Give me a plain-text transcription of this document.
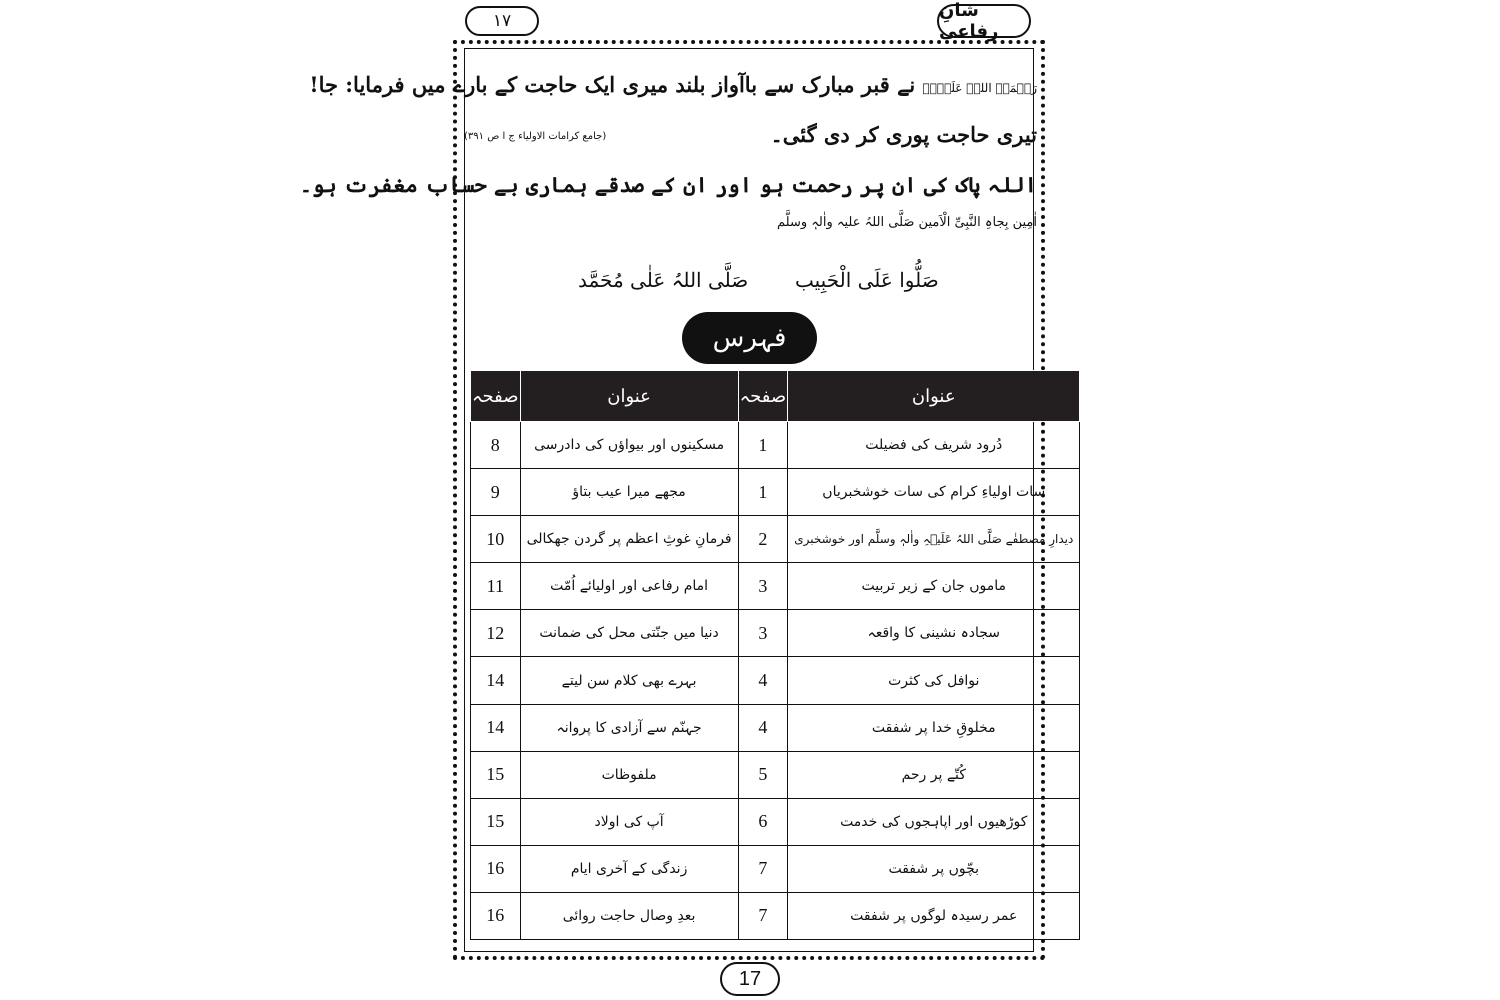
١٧	شانِ رفاعی
رَحۡمَۃُ اللہِ عَلَیۡہِ نے قبر مبارک سے باآواز بلند میری ایک حاجت کے بارے میں فرمایا: جا!
تیری حاجت پوری کر دی گئی۔
(جامع کرامات الاولیاء ج ا ص ۳۹۱)
اللہ پاک کی ان پر رحمت ہو اور ان کے صدقے ہماری بے حساب مغفرت ہو۔
اٰمِین بِجاہِ النَّبِیِّ الْاَمین صَلَّی اللہُ علیہ واٰلہٖ وسلَّم
صَلُّوا عَلَی الْحَبِیب
صَلَّی اللہُ عَلٰی مُحَمَّد
فہرس
عنوان	صفحہ	عنوان	صفحہ
دُرود شریف کی فضیلت	1	مسکینوں اور بیواؤں کی دادرسی	8
سات اولیاءِ کرام کی سات خوشخبریاں	1	مجھے میرا عیب بتاؤ	9
دیدارِ مصطفٰے صَلَّی اللہُ عَلَیۡہِ واٰلہٖ وسلَّم اور خوشخبری	2	فرمانِ غوثِ اعظم پر گردن جھکالی	10
ماموں جان کے زیر تربیت	3	امام رفاعی اور اولیائے اُمّت	11
سجادہ نشینی کا واقعہ	3	دنیا میں جنّتی محل کی ضمانت	12
نوافل کی کثرت	4	بہرے بھی کلام سن لیتے	14
مخلوقِ خدا پر شفقت	4	جہنّم سے آزادی کا پروانہ	14
کُتّے پر رحم	5	ملفوظات	15
کوڑھیوں اور اپاہجوں کی خدمت	6	آپ کی اولاد	15
بچّوں پر شفقت	7	زندگی کے آخری ایام	16
عمر رسیدہ لوگوں پر شفقت	7	بعدِ وصال حاجت روائی	16
17
